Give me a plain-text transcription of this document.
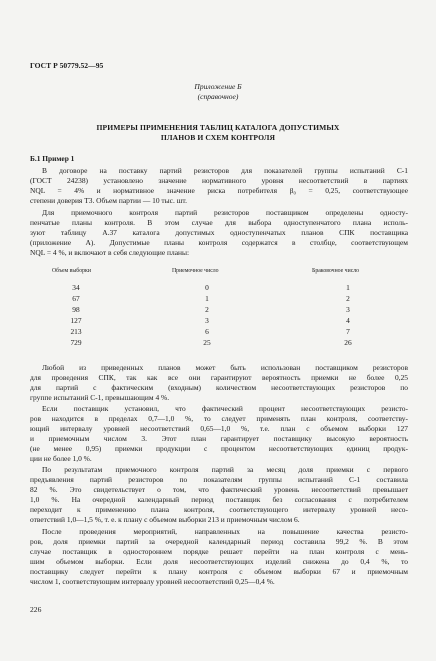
ГОСТ Р 50779.52—95
Приложение Б
(справочное)
ПРИМЕРЫ ПРИМЕНЕНИЯ ТАБЛИЦ КАТАЛОГА ДОПУСТИМЫХ
ПЛАНОВ И СХЕМ КОНТРОЛЯ
Б.1 Пример 1
В договоре на поставку партий резисторов для показателей группы испытаний С-1
(ГОСТ 24238) установлено значение нормативного уровня несоответствий в партиях
NQL = 4% и нормативное значение риска потребителя β₀ = 0,25, соответствующее
степени доверия Т3. Объем партии — 10 тыс. шт.
Для приемочного контроля партий резисторов поставщиком определены односту-
пенчатые планы контроля. В этом случае для выбора одноступенчатого плана исполь-
зуют таблицу А.37 каталога допустимых одноступенчатых планов СПК поставщика
(приложение А). Допустимые планы контроля содержатся в столбце, соответствующем
NQL = 4 %, и включают в себя следующие планы:
Объем выборки	Приемочное число	Браковочное число
34	0	1
67	1	2
98	2	3
127	3	4
213	6	7
729	25	26
Любой из приведенных планов может быть использован поставщиком резисторов
для проведения СПК, так как все они гарантируют вероятность приемки не более 0,25
для партий с фактическим (входным) количеством несоответствующих резисторов по
группе испытаний С-1, превышающим 4 %.
Если поставщик установил, что фактический процент несоответствующих резисто-
ров находится в пределах 0,7—1,0 %, то следует применять план контроля, соответству-
ющий интервалу уровней несоответствий 0,65—1,0 %, т.е. план с объемом выборки 127
и приемочным числом 3. Этот план гарантирует поставщику высокую вероятность
(не менее 0,95) приемки продукции с процентом несоответствующих единиц продук-
ции не более 1,0 %.
По результатам приемочного контроля партий за месяц доля приемки с первого
предъявления партий резисторов по показателям группы испытаний С-1 составила
82 %. Это свидетельствует о том, что фактический уровень несоответствий превышает
1,0 %. На очередной календарный период поставщик без согласования с потребителем
переходит к применению плана контроля, соответствующего интервалу уровней несо-
ответствий 1,0—1,5 %, т. е. к плану с объемом выборки 213 и приемочным числом 6.
После проведения мероприятий, направленных на повышение качества резисто-
ров, доля приемки партий за очередной календарный период составила 99,2 %. В этом
случае поставщик в одностороннем порядке решает перейти на план контроля с мень-
шим объемом выборки. Если доля несоответствующих изделий снижена до 0,4 %, то
поставщику следует перейти к плану контроля с объемом выборки 67 и приемочным
числом 1, соответствующим интервалу уровней несоответствий 0,25—0,4 %.
226
